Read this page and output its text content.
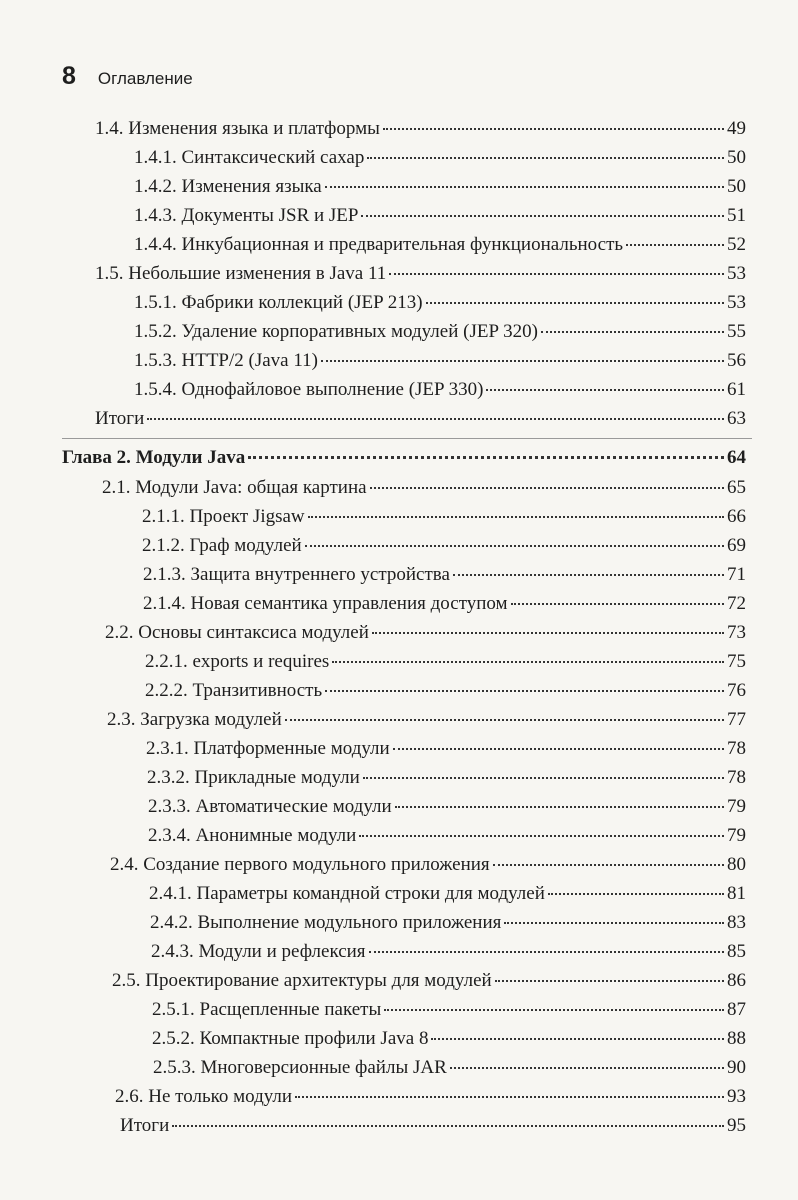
8 Оглавление
1.4. Изменения языка и платформы	49
1.4.1. Синтаксический сахар	50
1.4.2. Изменения языка	50
1.4.3. Документы JSR и JEP	51
1.4.4. Инкубационная и предварительная функциональность	52
1.5. Небольшие изменения в Java 11	53
1.5.1. Фабрики коллекций (JEP 213)	53
1.5.2. Удаление корпоративных модулей (JEP 320)	55
1.5.3. HTTP/2 (Java 11)	56
1.5.4. Однофайловое выполнение (JEP 330)	61
Итоги	63
Глава 2. Модули Java	64
2.1. Модули Java: общая картина	65
2.1.1. Проект Jigsaw	66
2.1.2. Граф модулей	69
2.1.3. Защита внутреннего устройства	71
2.1.4. Новая семантика управления доступом	72
2.2. Основы синтаксиса модулей	73
2.2.1. exports и requires	75
2.2.2. Транзитивность	76
2.3. Загрузка модулей	77
2.3.1. Платформенные модули	78
2.3.2. Прикладные модули	78
2.3.3. Автоматические модули	79
2.3.4. Анонимные модули	79
2.4. Создание первого модульного приложения	80
2.4.1. Параметры командной строки для модулей	81
2.4.2. Выполнение модульного приложения	83
2.4.3. Модули и рефлексия	85
2.5. Проектирование архитектуры для модулей	86
2.5.1. Расщепленные пакеты	87
2.5.2. Компактные профили Java 8	88
2.5.3. Многоверсионные файлы JAR	90
2.6. Не только модули	93
Итоги	95
